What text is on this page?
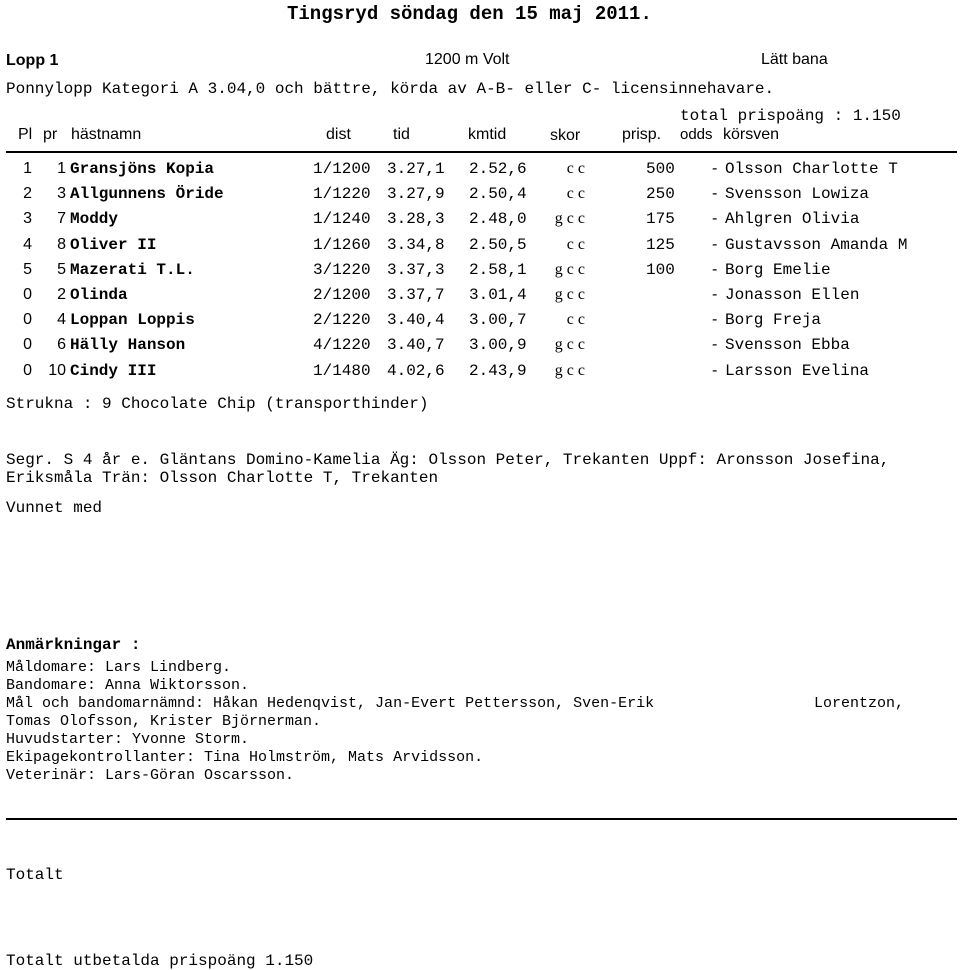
Tingsryd söndag den 15 maj 2011.
Lopp 1	1200 m Volt	Lätt bana
Ponnylopp Kategori A 3.04,0 och bättre, körda av A-B- eller C- licensinnehavare.
total prispoäng : 1.150
Pl pr hästnamn	dist	tid	kmtid	skor	prisp. odds körsven
1 1 Gransjöns Kopia	1/1200 3.27,1 2.52,6	c c	500 - Olsson Charlotte T
2 3 Allgunnens Öride	1/1220 3.27,9 2.50,4	c c	250 - Svensson Lowiza
3 7 Moddy	1/1240 3.28,3 2.48,0 g c c	175 - Ahlgren Olivia
4 8 Oliver II	1/1260 3.34,8 2.50,5	c c	125 - Gustavsson Amanda M
5 5 Mazerati T.L.	3/1220 3.37,3 2.58,1 g c c	100 - Borg Emelie
0 2 Olinda	2/1200 3.37,7 3.01,4 g c c	- Jonasson Ellen
0 4 Loppan Loppis	2/1220 3.40,4 3.00,7	c c	- Borg Freja
0 6 Hälly Hanson	4/1220 3.40,7 3.00,9 g c c	- Svensson Ebba
0 10 Cindy III	1/1480 4.02,6 2.43,9 g c c	- Larsson Evelina
Strukna : 9 Chocolate Chip (transporthinder)
Segr. S 4 år e. Gläntans Domino-Kamelia Äg: Olsson Peter, Trekanten Uppf: Aronsson Josefina,
Eriksmåla Trän: Olsson Charlotte T, Trekanten
Vunnet med
Anmärkningar :
Måldomare: Lars Lindberg.
Bandomare: Anna Wiktorsson.
Mål och bandomarnämnd: Håkan Hedenqvist, Jan-Evert Pettersson, Sven-Erik	Lorentzon,
Tomas Olofsson, Krister Björnerman.
Huvudstarter: Yvonne Storm.
Ekipagekontrollanter: Tina Holmström, Mats Arvidsson.
Veterinär: Lars-Göran Oscarsson.
Totalt
Totalt utbetalda prispoäng 1.150
